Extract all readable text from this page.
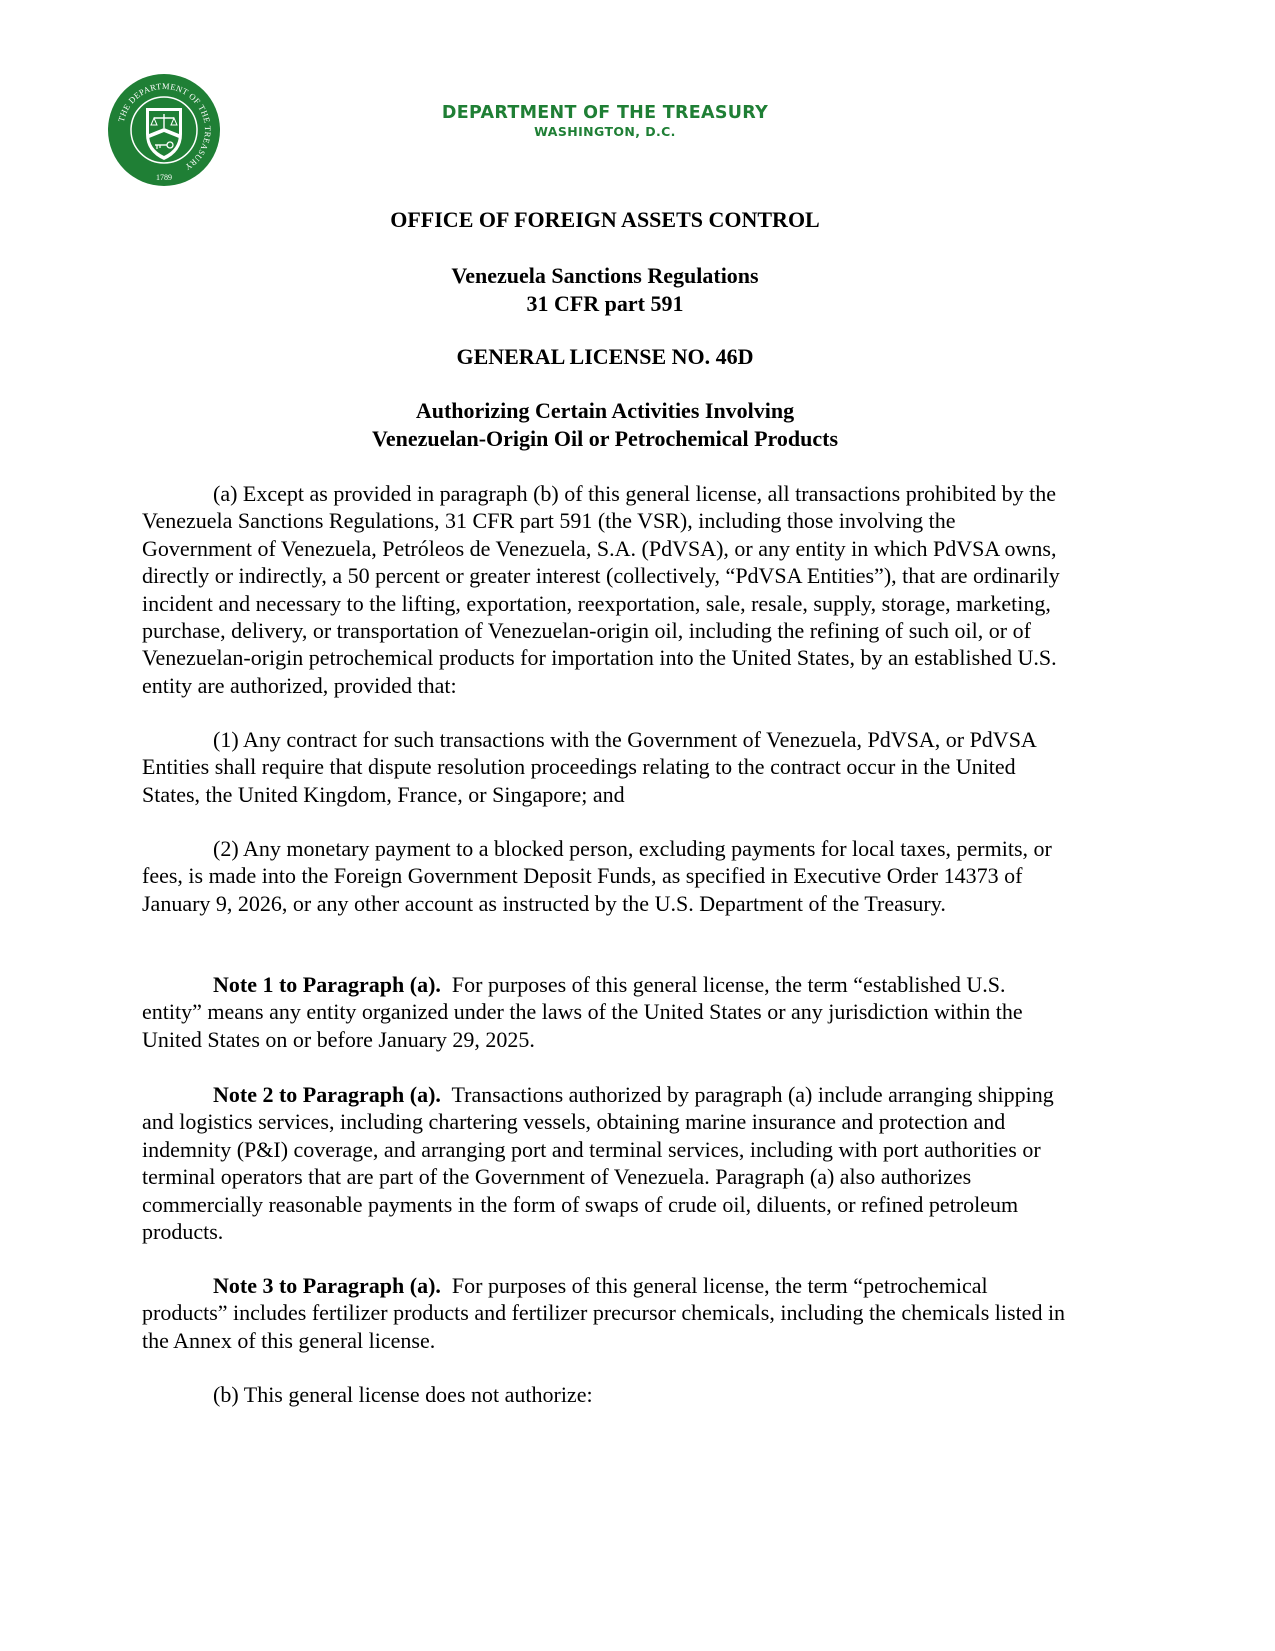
THE DEPARTMENT OF THE TREASURY
1789
DEPARTMENT OF THE TREASURY
WASHINGTON, D.C.
OFFICE OF FOREIGN ASSETS CONTROL
Venezuela Sanctions Regulations
31 CFR part 591
GENERAL LICENSE NO. 46D
Authorizing Certain Activities Involving
Venezuelan-Origin Oil or Petrochemical Products

(a) Except as provided in paragraph (b) of this general license, all transactions prohibited by the Venezuela Sanctions Regulations, 31 CFR part 591 (the VSR), including those involving the Government of Venezuela, Petróleos de Venezuela, S.A. (PdVSA), or any entity in which PdVSA owns, directly or indirectly, a 50 percent or greater interest (collectively, “PdVSA Entities”), that are ordinarily incident and necessary to the lifting, exportation, reexportation, sale, resale, supply, storage, marketing, purchase, delivery, or transportation of Venezuelan-origin oil, including the refining of such oil, or of Venezuelan-origin petrochemical products for importation into the United States, by an established U.S. entity are authorized, provided that:

(1) Any contract for such transactions with the Government of Venezuela, PdVSA, or PdVSA Entities shall require that dispute resolution proceedings relating to the contract occur in the United States, the United Kingdom, France, or Singapore; and

(2) Any monetary payment to a blocked person, excluding payments for local taxes, permits, or fees, is made into the Foreign Government Deposit Funds, as specified in Executive Order 14373 of January 9, 2026, or any other account as instructed by the U.S. Department of the Treasury.

Note 1 to Paragraph (a). For purposes of this general license, the term “established U.S. entity” means any entity organized under the laws of the United States or any jurisdiction within the United States on or before January 29, 2025.

Note 2 to Paragraph (a). Transactions authorized by paragraph (a) include arranging shipping and logistics services, including chartering vessels, obtaining marine insurance and protection and indemnity (P&I) coverage, and arranging port and terminal services, including with port authorities or terminal operators that are part of the Government of Venezuela. Paragraph (a) also authorizes commercially reasonable payments in the form of swaps of crude oil, diluents, or refined petroleum products.

Note 3 to Paragraph (a). For purposes of this general license, the term “petrochemical products” includes fertilizer products and fertilizer precursor chemicals, including the chemicals listed in the Annex of this general license.

(b) This general license does not authorize:
